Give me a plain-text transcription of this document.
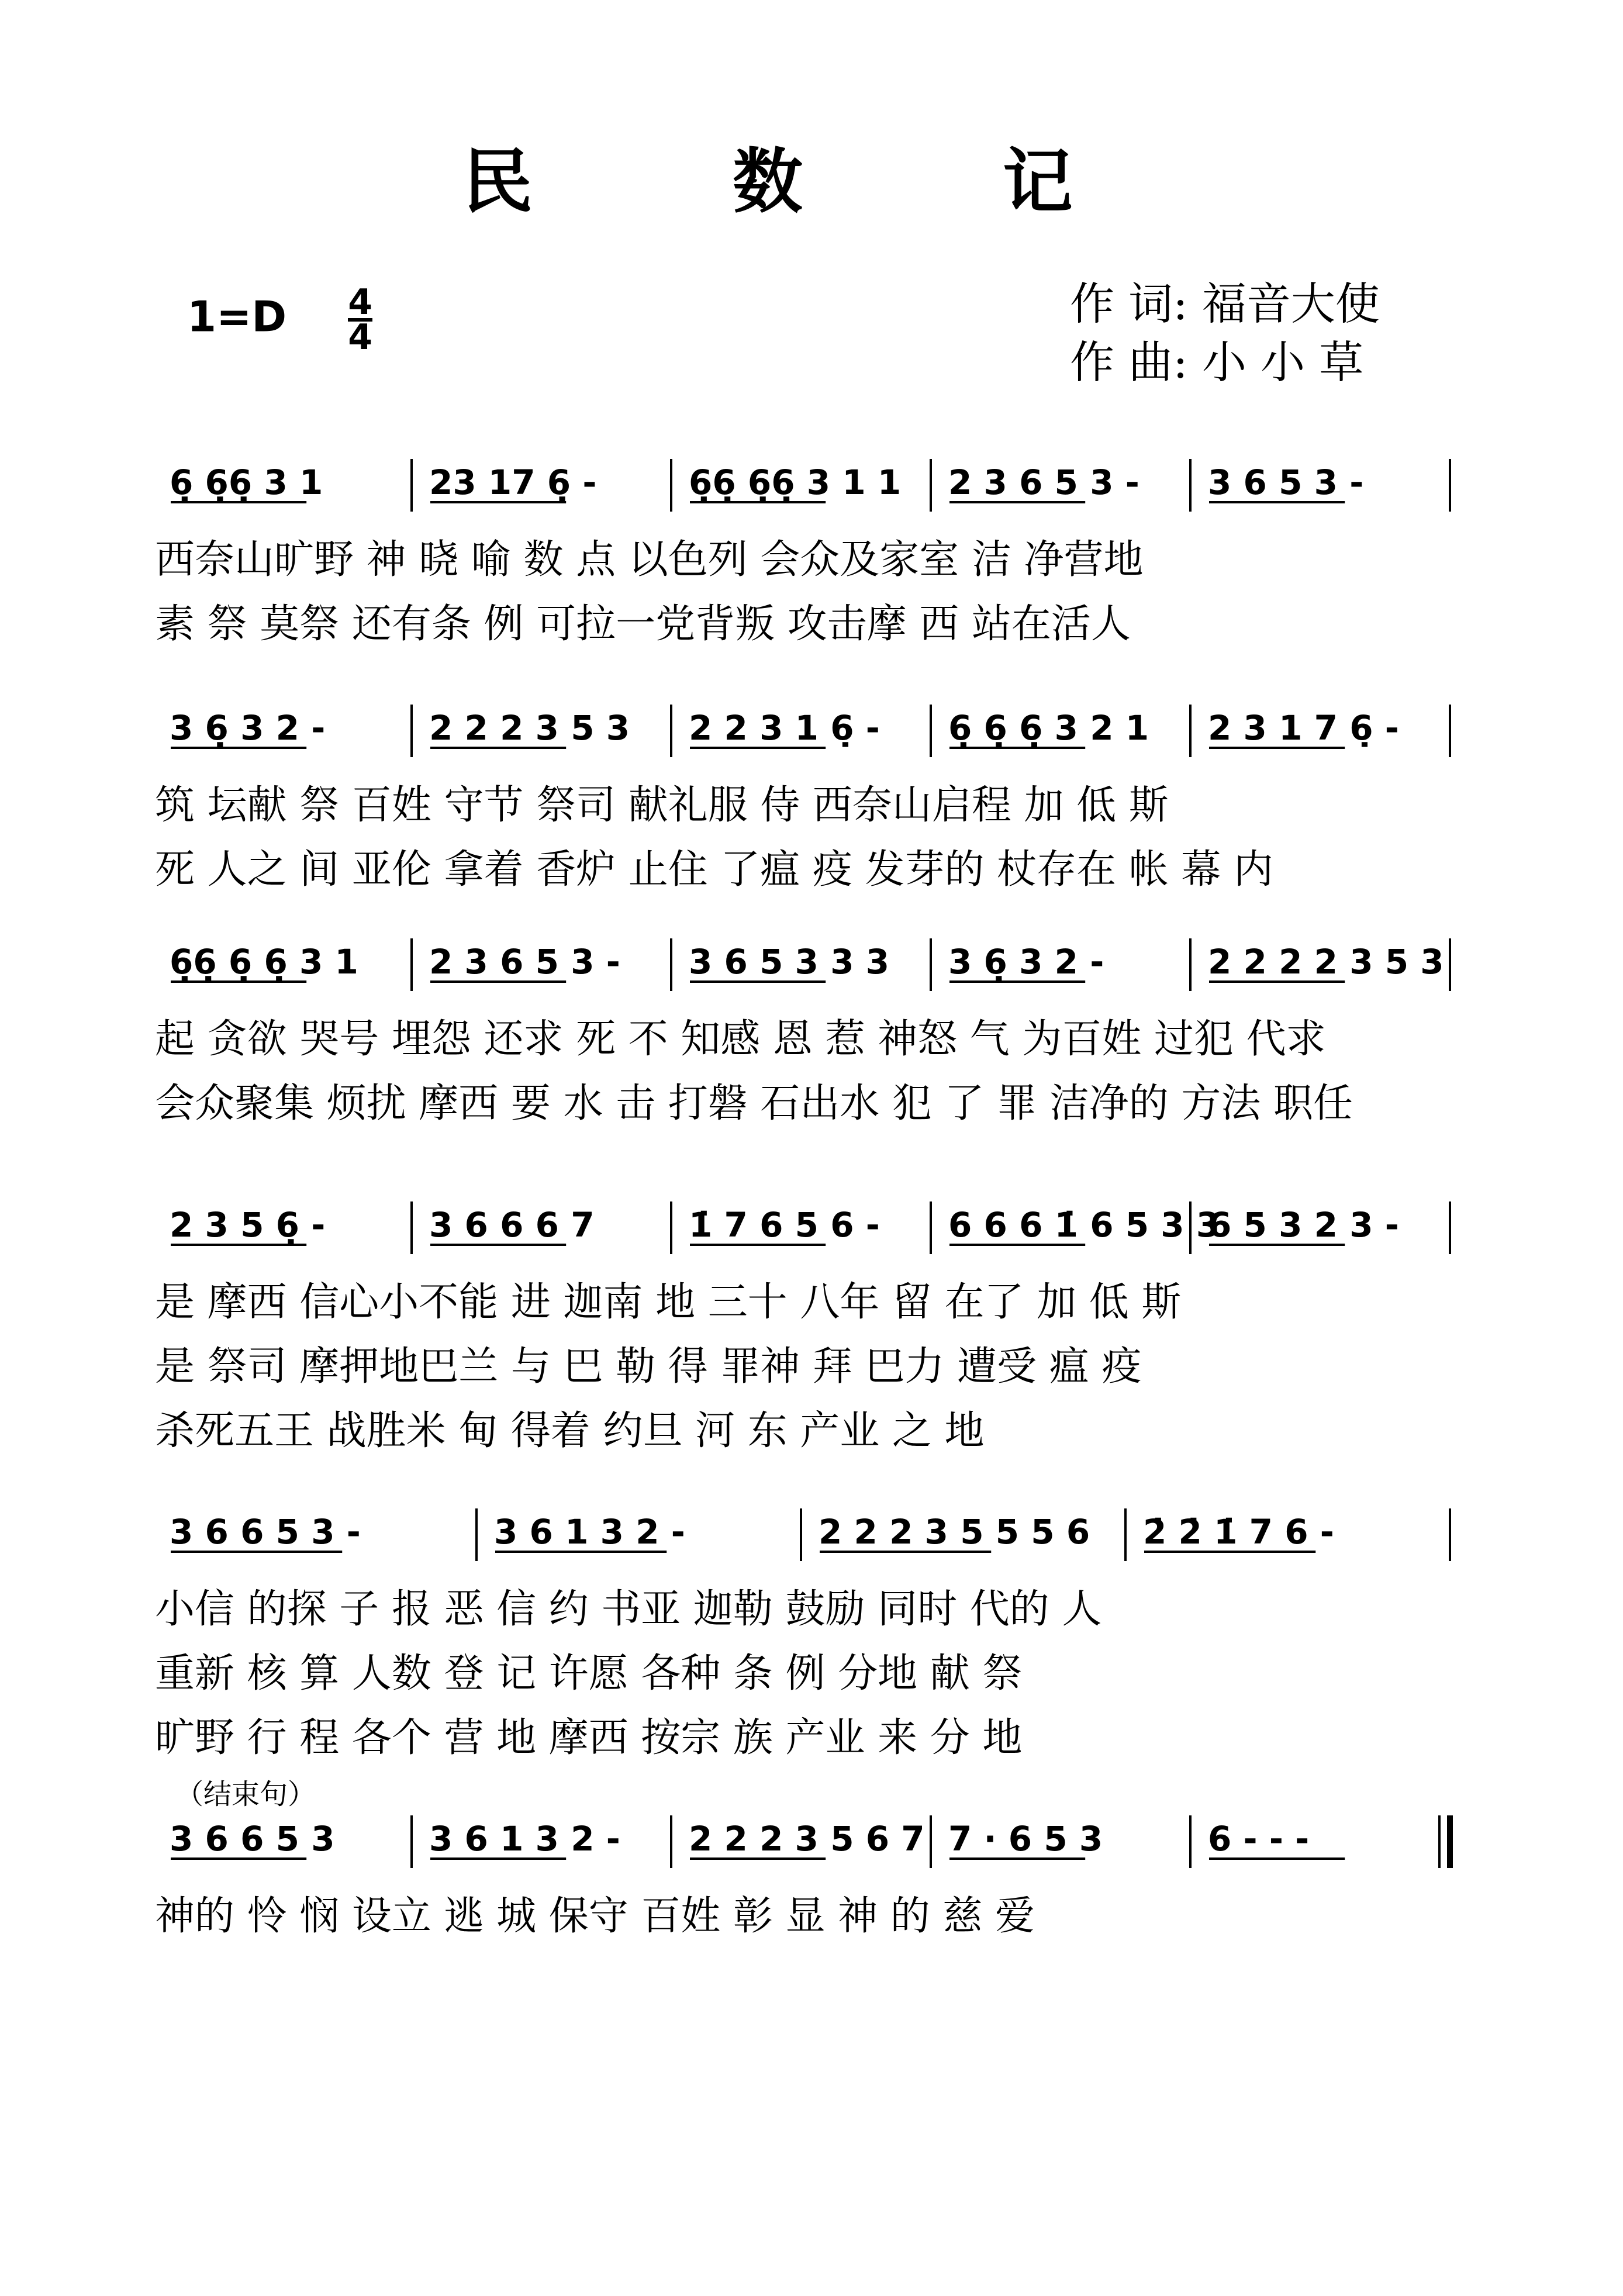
民 数 记
$1=D \frac{4}{4}$	作 词: 福音大使
作 曲: 小 小 草
（结束句）
6̣ 6̣6̣ 3 1	23 17 6̣ -	6̣6̣ 6̣6̣ 3 1 1 2 3 6 5 3 - 3 6 5 3 -
西奈山旷野 神 晓 喻 数 点 以色列 会众及家室 洁 净营地
素 祭 莫祭 还有条 例 可拉一党背叛 攻击摩 西 站在活人
3 6̣ 3 2 -	2 2 2 3 5 3 2 2 3 1 6̣ - 6̣ 6̣ 6̣ 3 2 1 2 3 1 7 6̣ -
筑 坛献 祭 百姓 守节 祭司 献礼服 侍 西奈山启程 加 低 斯
死 人之 间 亚伦 拿着 香炉 止住 了瘟 疫 发芽的 杖存在 帐 幕 内
6̣6̣ 6̣ 6̣ 3 1 2 3 6 5 3 - 3 6 5 3 3 3 3 6̣ 3 2 -	2 2 2 2 3 5 3
起 贪欲 哭号 埋怨 还求 死 不 知感 恩 惹 神怒 气 为百姓 过犯 代求
会众聚集 烦扰 摩西 要 水 击 打磐 石出水 犯 了 罪 洁净的 方法 职任
2 3 5 6̣ -	3 6 6 6 7	1̇ 7 6 5 6 - 6 6 6 1̇ 6 5 3 3
6 5 3 2 3 -
是 摩西 信心小不能 进 迦南 地 三十 八年 留 在了 加 低 斯
是 祭司 摩押地巴兰 与 巴 勒 得 罪神 拜 巴力 遭受 瘟 疫
杀死五王 战胜米 甸 得着 约旦 河 东 产业 之 地
3 6 6 5 3 -	3 6 1 3 2 -	2 2 2 3 5 5 5 6 2̇ 2̇ 1̇ 7 6 -
小信 的探 子 报 恶 信 约 书亚 迦勒 鼓励 同时 代的 人
重新 核 算 人数 登 记 许愿 各种 条 例 分地 献 祭
旷野 行 程 各个 营 地 摩西 按宗 族 产业 来 分 地
3 6 6 5 3	3 6 1 3 2 - 2 2 2 3 5 6 7 7 · 6 5 3	6 - - -
神的 怜 悯 设立 逃 城 保守 百姓 彰 显 神 的 慈 爱
